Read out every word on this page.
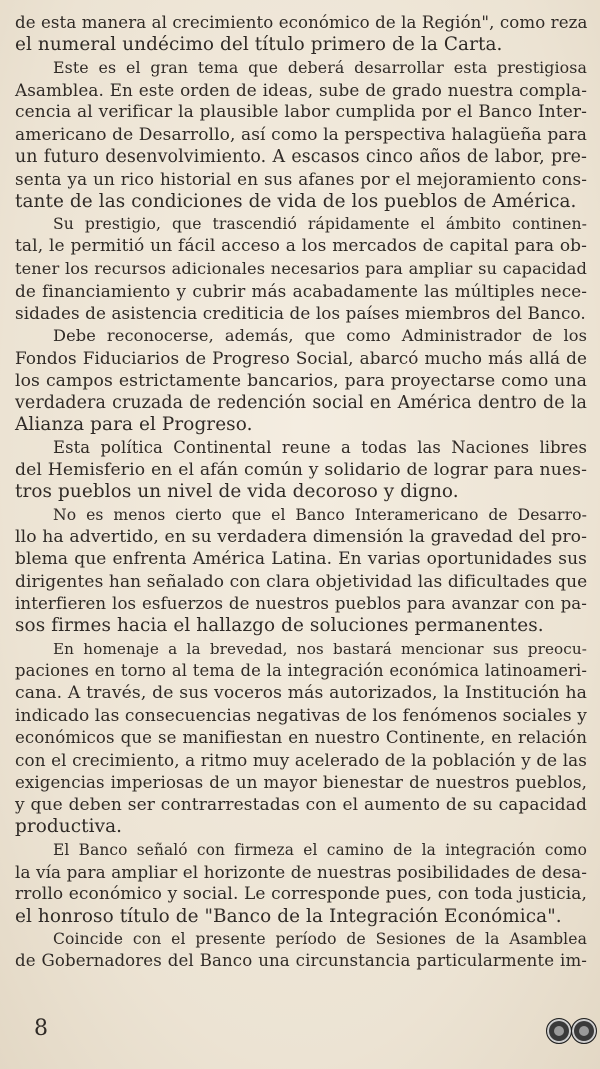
de esta manera al crecimiento económico de la Región", como reza
el numeral undécimo del título primero de la Carta.
Este es el gran tema que deberá desarrollar esta prestigiosa
Asamblea. En este orden de ideas, sube de grado nuestra compla-
cencia al verificar la plausible labor cumplida por el Banco Inter-
americano de Desarrollo, así como la perspectiva halagüeña para
un futuro desenvolvimiento. A escasos cinco años de labor, pre-
senta ya un rico historial en sus afanes por el mejoramiento cons-
tante de las condiciones de vida de los pueblos de América.
Su prestigio, que trascendió rápidamente el ámbito continen-
tal, le permitió un fácil acceso a los mercados de capital para ob-
tener los recursos adicionales necesarios para ampliar su capacidad
de financiamiento y cubrir más acabadamente las múltiples nece-
sidades de asistencia crediticia de los países miembros del Banco.
Debe reconocerse, además, que como Administrador de los
Fondos Fiduciarios de Progreso Social, abarcó mucho más allá de
los campos estrictamente bancarios, para proyectarse como una
verdadera cruzada de redención social en América dentro de la
Alianza para el Progreso.
Esta política Continental reune a todas las Naciones libres
del Hemisferio en el afán común y solidario de lograr para nues-
tros pueblos un nivel de vida decoroso y digno.
No es menos cierto que el Banco Interamericano de Desarro-
llo ha advertido, en su verdadera dimensión la gravedad del pro-
blema que enfrenta América Latina. En varias oportunidades sus
dirigentes han señalado con clara objetividad las dificultades que
interfieren los esfuerzos de nuestros pueblos para avanzar con pa-
sos firmes hacia el hallazgo de soluciones permanentes.
En homenaje a la brevedad, nos bastará mencionar sus preocu-
paciones en torno al tema de la integración económica latinoameri-
cana. A través, de sus voceros más autorizados, la Institución ha
indicado las consecuencias negativas de los fenómenos sociales y
económicos que se manifiestan en nuestro Continente, en relación
con el crecimiento, a ritmo muy acelerado de la población y de las
exigencias imperiosas de un mayor bienestar de nuestros pueblos,
y que deben ser contrarrestadas con el aumento de su capacidad
productiva.
El Banco señaló con firmeza el camino de la integración como
la vía para ampliar el horizonte de nuestras posibilidades de desa-
rrollo económico y social. Le corresponde pues, con toda justicia,
el honroso título de "Banco de la Integración Económica".
Coincide con el presente período de Sesiones de la Asamblea
de Gobernadores del Banco una circunstancia particularmente im-
8
